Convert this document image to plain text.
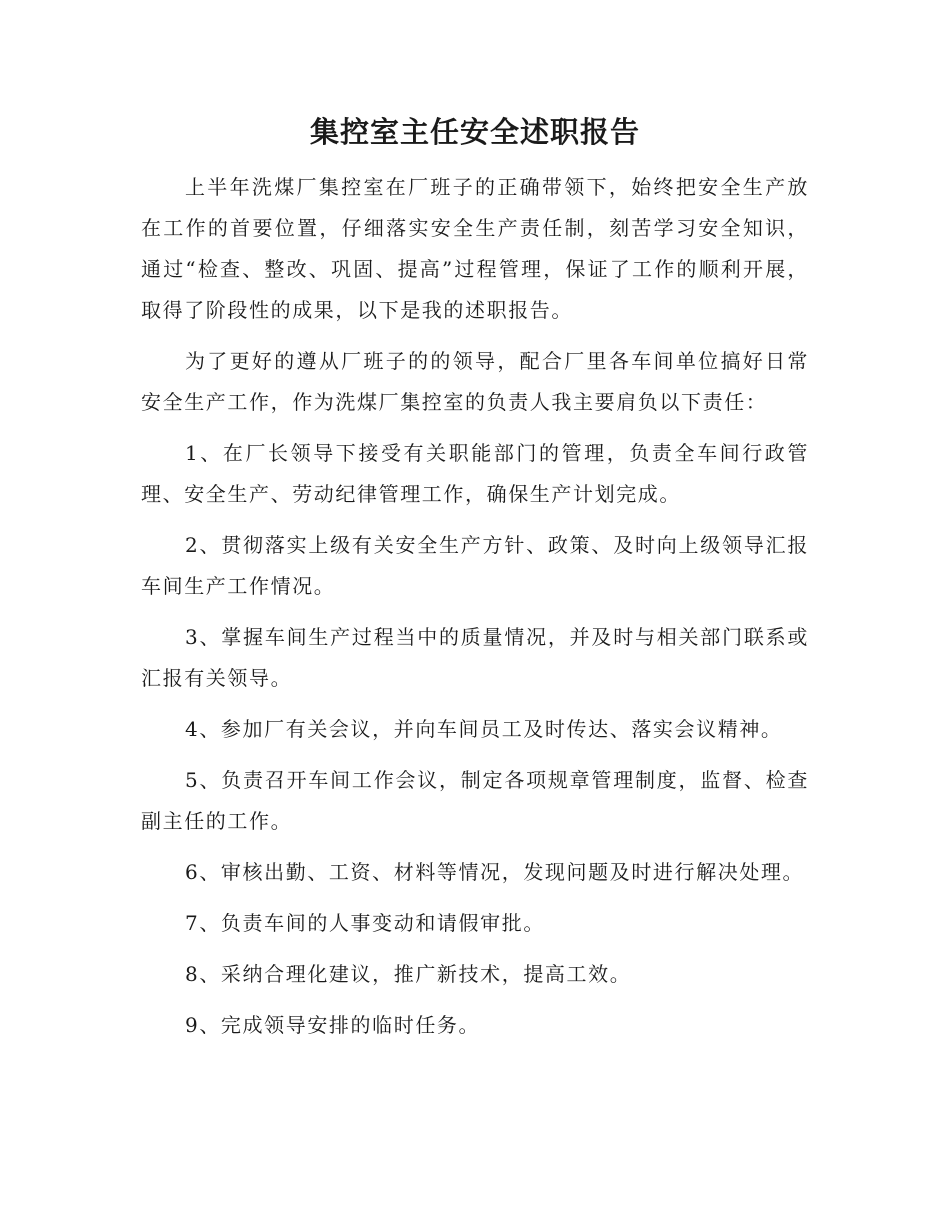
集控室主任安全述职报告

上半年洗煤厂集控室在厂班子的正确带领下，始终把安全生产放在工作的首要位置，仔细落实安全生产责任制，刻苦学习安全知识，通过“检查、整改、巩固、提高”过程管理，保证了工作的顺利开展，取得了阶段性的成果，以下是我的述职报告。

为了更好的遵从厂班子的的领导，配合厂里各车间单位搞好日常安全生产工作，作为洗煤厂集控室的负责人我主要肩负以下责任：

1、在厂长领导下接受有关职能部门的管理，负责全车间行政管理、安全生产、劳动纪律管理工作，确保生产计划完成。

2、贯彻落实上级有关安全生产方针、政策、及时向上级领导汇报车间生产工作情况。

3、掌握车间生产过程当中的质量情况，并及时与相关部门联系或汇报有关领导。

4、参加厂有关会议，并向车间员工及时传达、落实会议精神。

5、负责召开车间工作会议，制定各项规章管理制度，监督、检查副主任的工作。

6、审核出勤、工资、材料等情况，发现问题及时进行解决处理。

7、负责车间的人事变动和请假审批。

8、采纳合理化建议，推广新技术，提高工效。

9、完成领导安排的临时任务。
